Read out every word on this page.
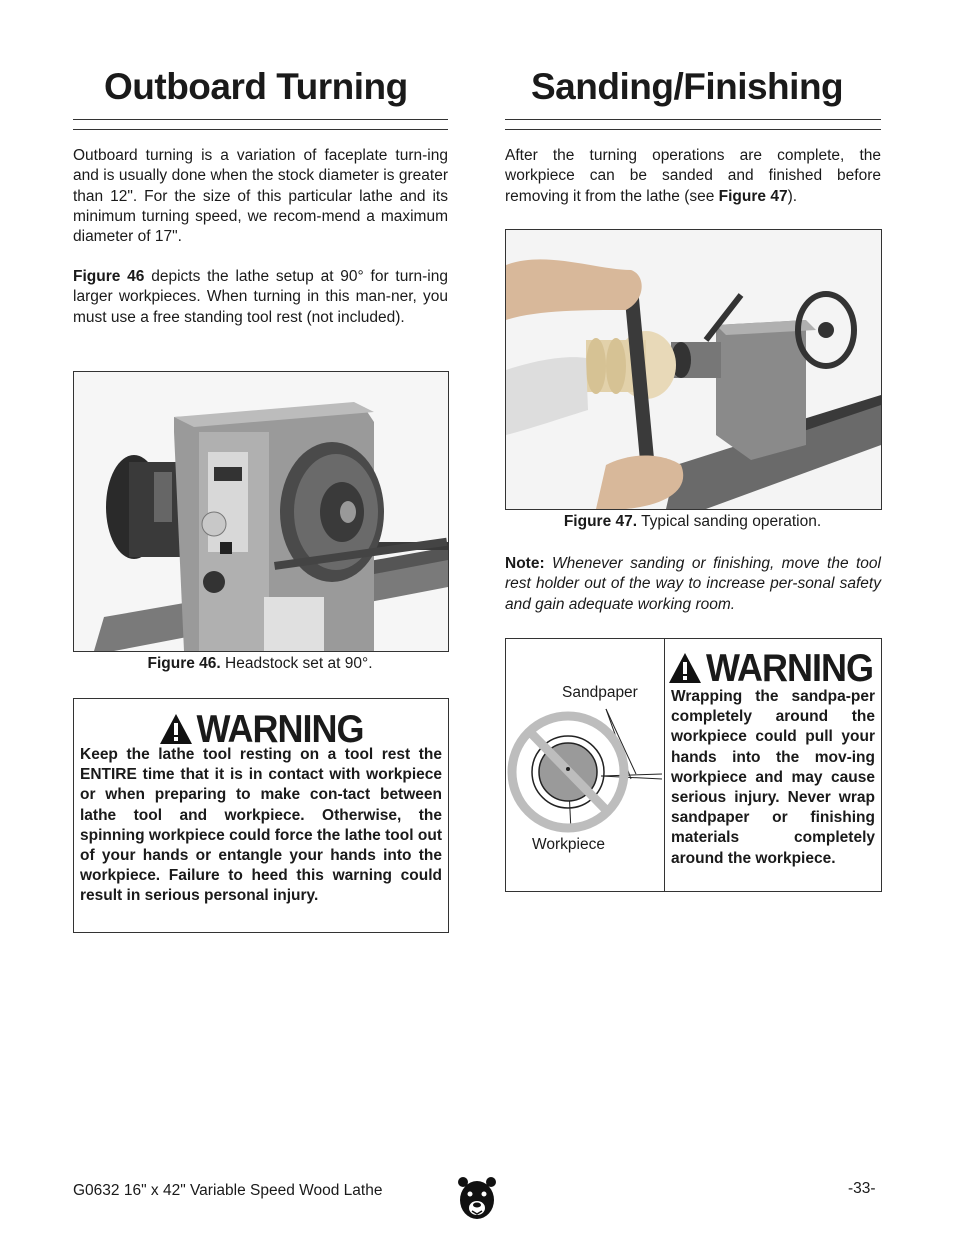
Outboard Turning

Outboard turning is a variation of faceplate turn-ing and is usually done when the stock diameter is greater than 12". For the size of this particular lathe and its minimum turning speed, we recom-mend a maximum diameter of 17".

Figure 46 depicts the lathe setup at 90° for turn-ing larger workpieces. When turning in this man-ner, you must use a free standing tool rest (not included).

Figure 46. Headstock set at 90°.
WARNING
Keep the lathe tool resting on a tool rest the ENTIRE time that it is in contact with workpiece or when preparing to make con-tact between lathe tool and workpiece. Otherwise, the spinning workpiece could force the lathe tool out of your hands or entangle your hands into the workpiece. Failure to heed this warning could result in serious personal injury.
Sanding/Finishing

After the turning operations are complete, the workpiece can be sanded and finished before removing it from the lathe (see Figure 47).

Figure 47. Typical sanding operation.

Note: Whenever sanding or finishing, move the tool rest holder out of the way to increase per-sonal safety and gain adequate working room.

Sandpaper
Workpiece
WARNING
Wrapping the sandpa-per completely around the workpiece could pull your hands into the mov-ing workpiece and may cause serious injury. Never wrap sandpaper or finishing materials completely around the workpiece.
G0632 16" x 42" Variable Speed Wood Lathe	-33-
